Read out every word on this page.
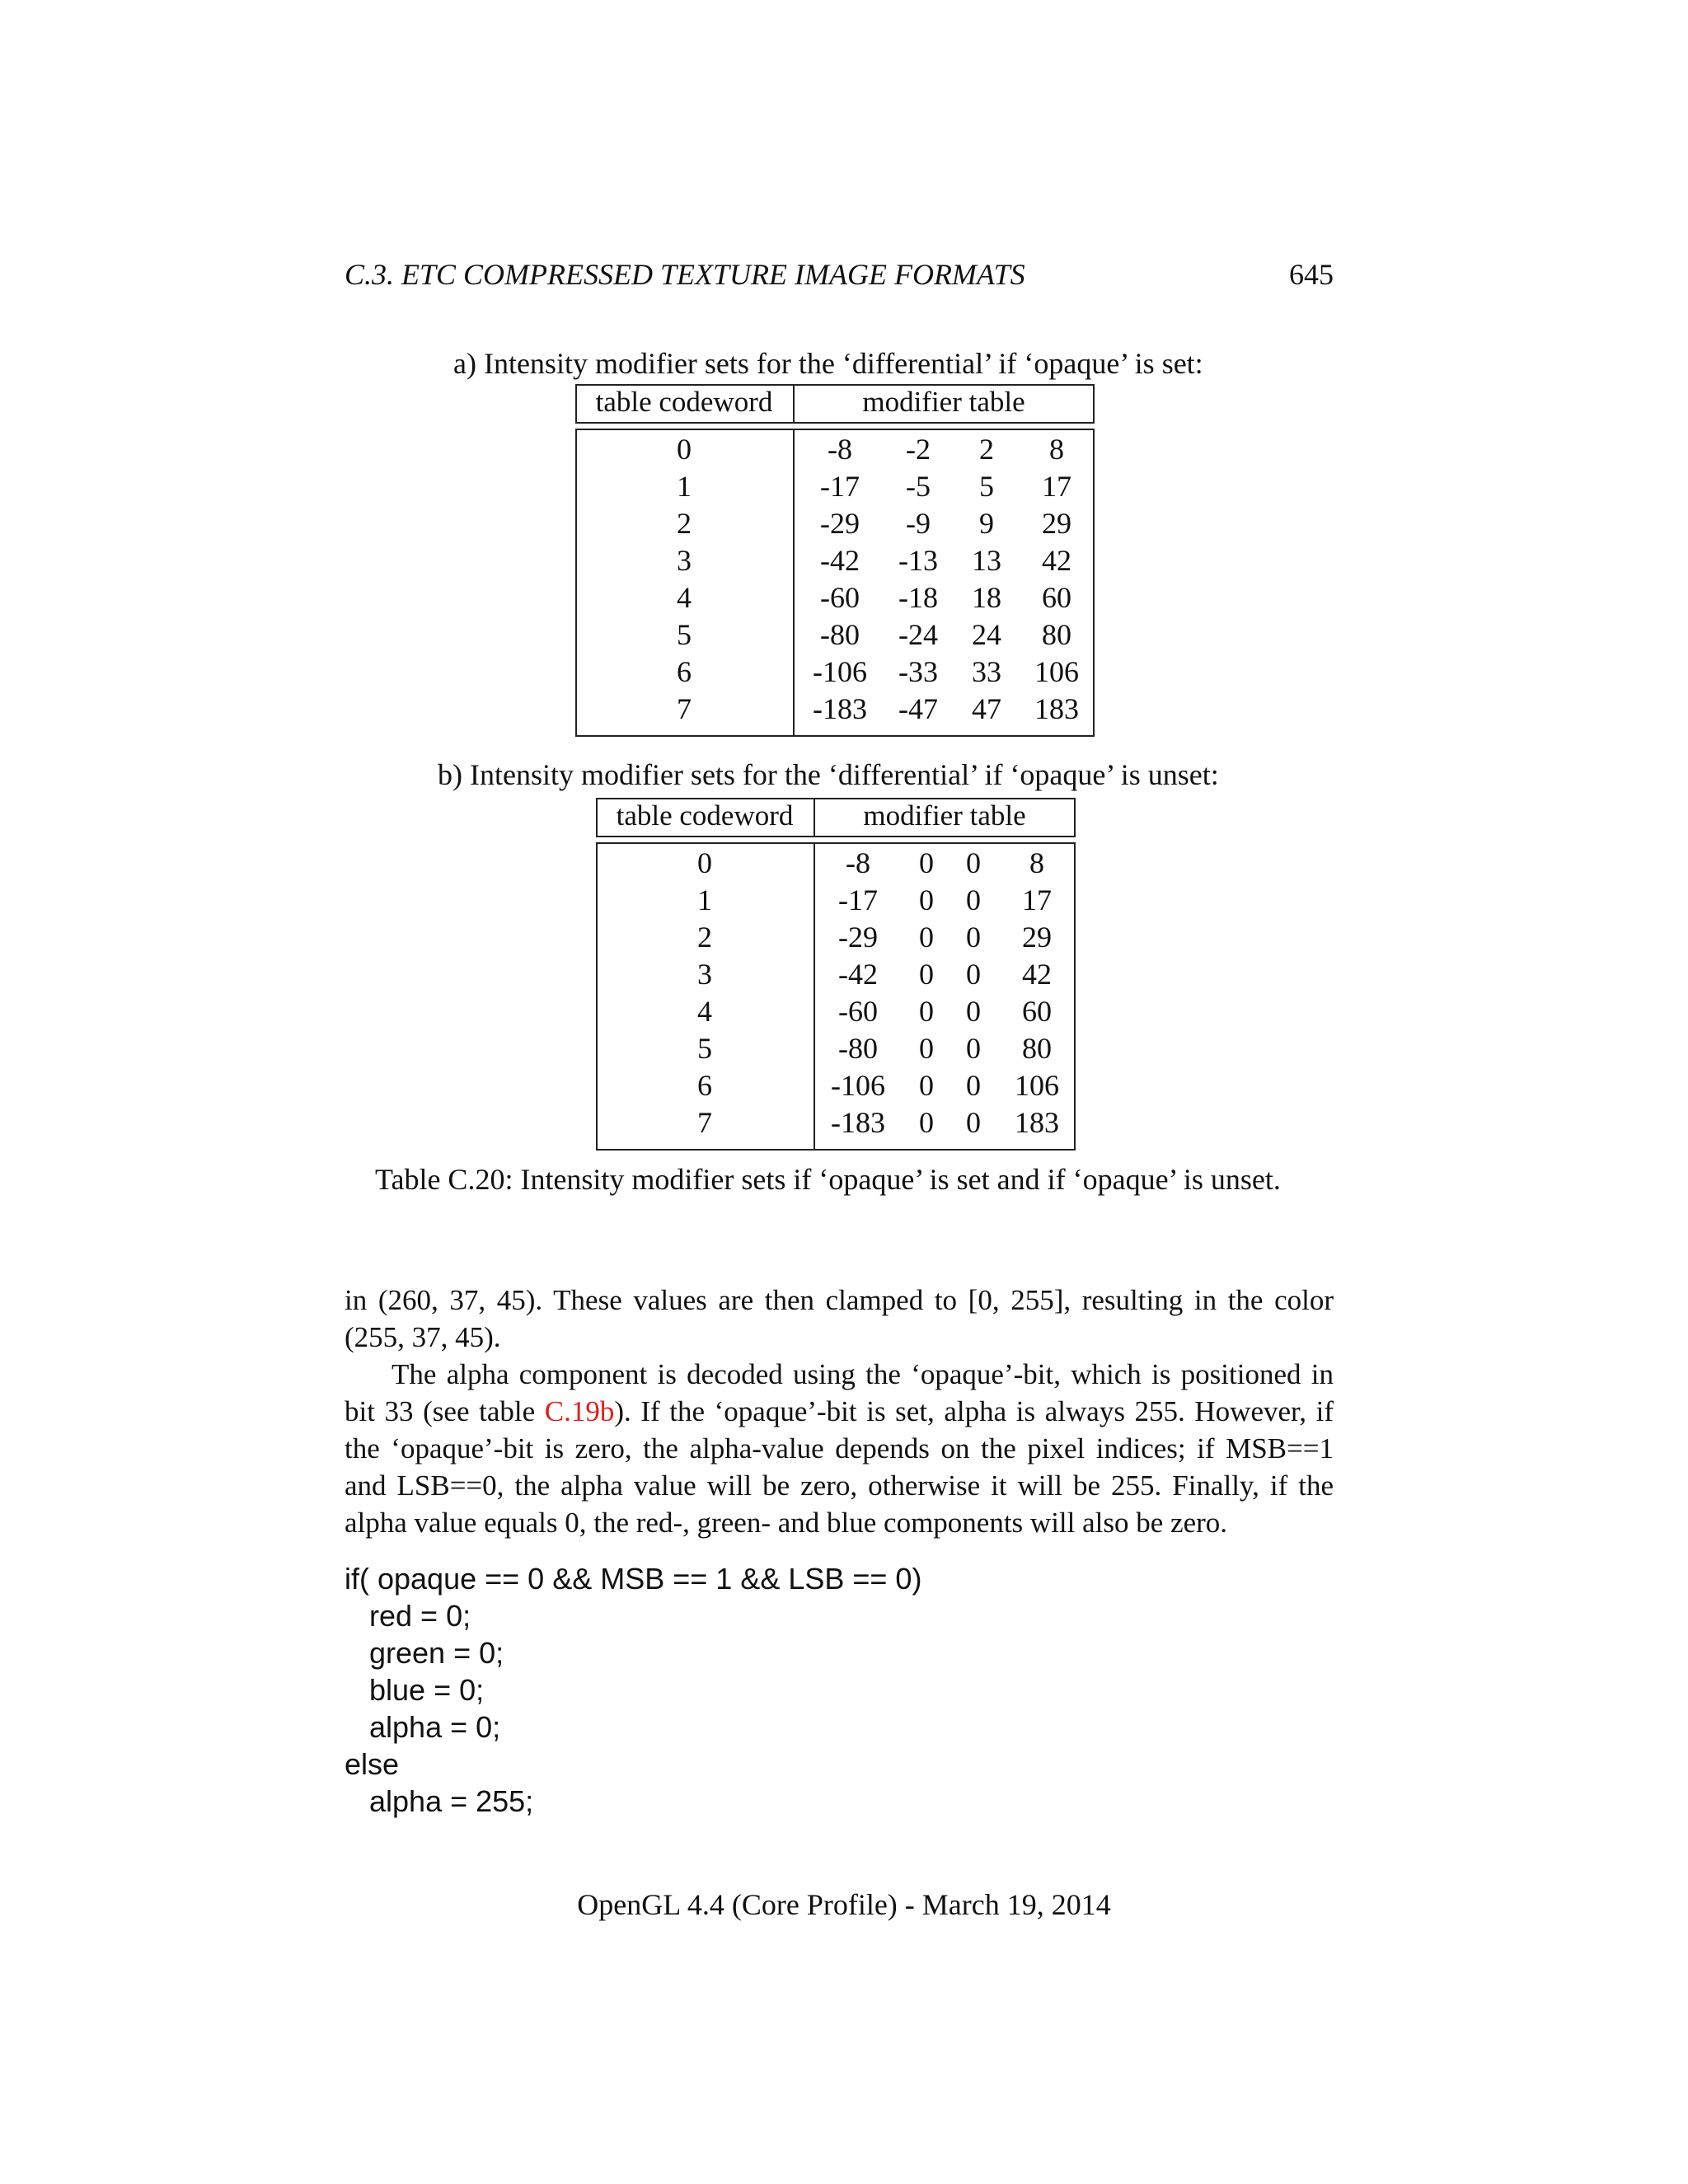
C.3. ETC COMPRESSED TEXTURE IMAGE FORMATS	645
a) Intensity modifier sets for the ‘differential’ if ‘opaque’ is set:
table codeword	modifier table
0	-8	-2	2	8
1	-17	-5	5	17
2	-29	-9	9	29
3	-42	-13	13	42
4	-60	-18	18	60
5	-80	-24	24	80
6	-106	-33	33	106
7	-183	-47	47	183
b) Intensity modifier sets for the ‘differential’ if ‘opaque’ is unset:
table codeword	modifier table
0	-8	0	0	8
1	-17	0	0	17
2	-29	0	0	29
3	-42	0	0	42
4	-60	0	0	60
5	-80	0	0	80
6	-106	0	0	106
7	-183	0	0	183
Table C.20: Intensity modifier sets if ‘opaque’ is set and if ‘opaque’ is unset.
in (260, 37, 45). These values are then clamped to [0, 255], resulting in the color (255, 37, 45).
The alpha component is decoded using the ‘opaque’-bit, which is positioned in bit 33 (see table C.19b). If the ‘opaque’-bit is set, alpha is always 255. However, if the ‘opaque’-bit is zero, the alpha-value depends on the pixel indices; if MSB==1 and LSB==0, the alpha value will be zero, otherwise it will be 255. Finally, if the alpha value equals 0, the red-, green- and blue components will also be zero.
if( opaque == 0 && MSB == 1 && LSB == 0)
red = 0;
green = 0;
blue = 0;
alpha = 0;
else
alpha = 255;
OpenGL 4.4 (Core Profile) - March 19, 2014
